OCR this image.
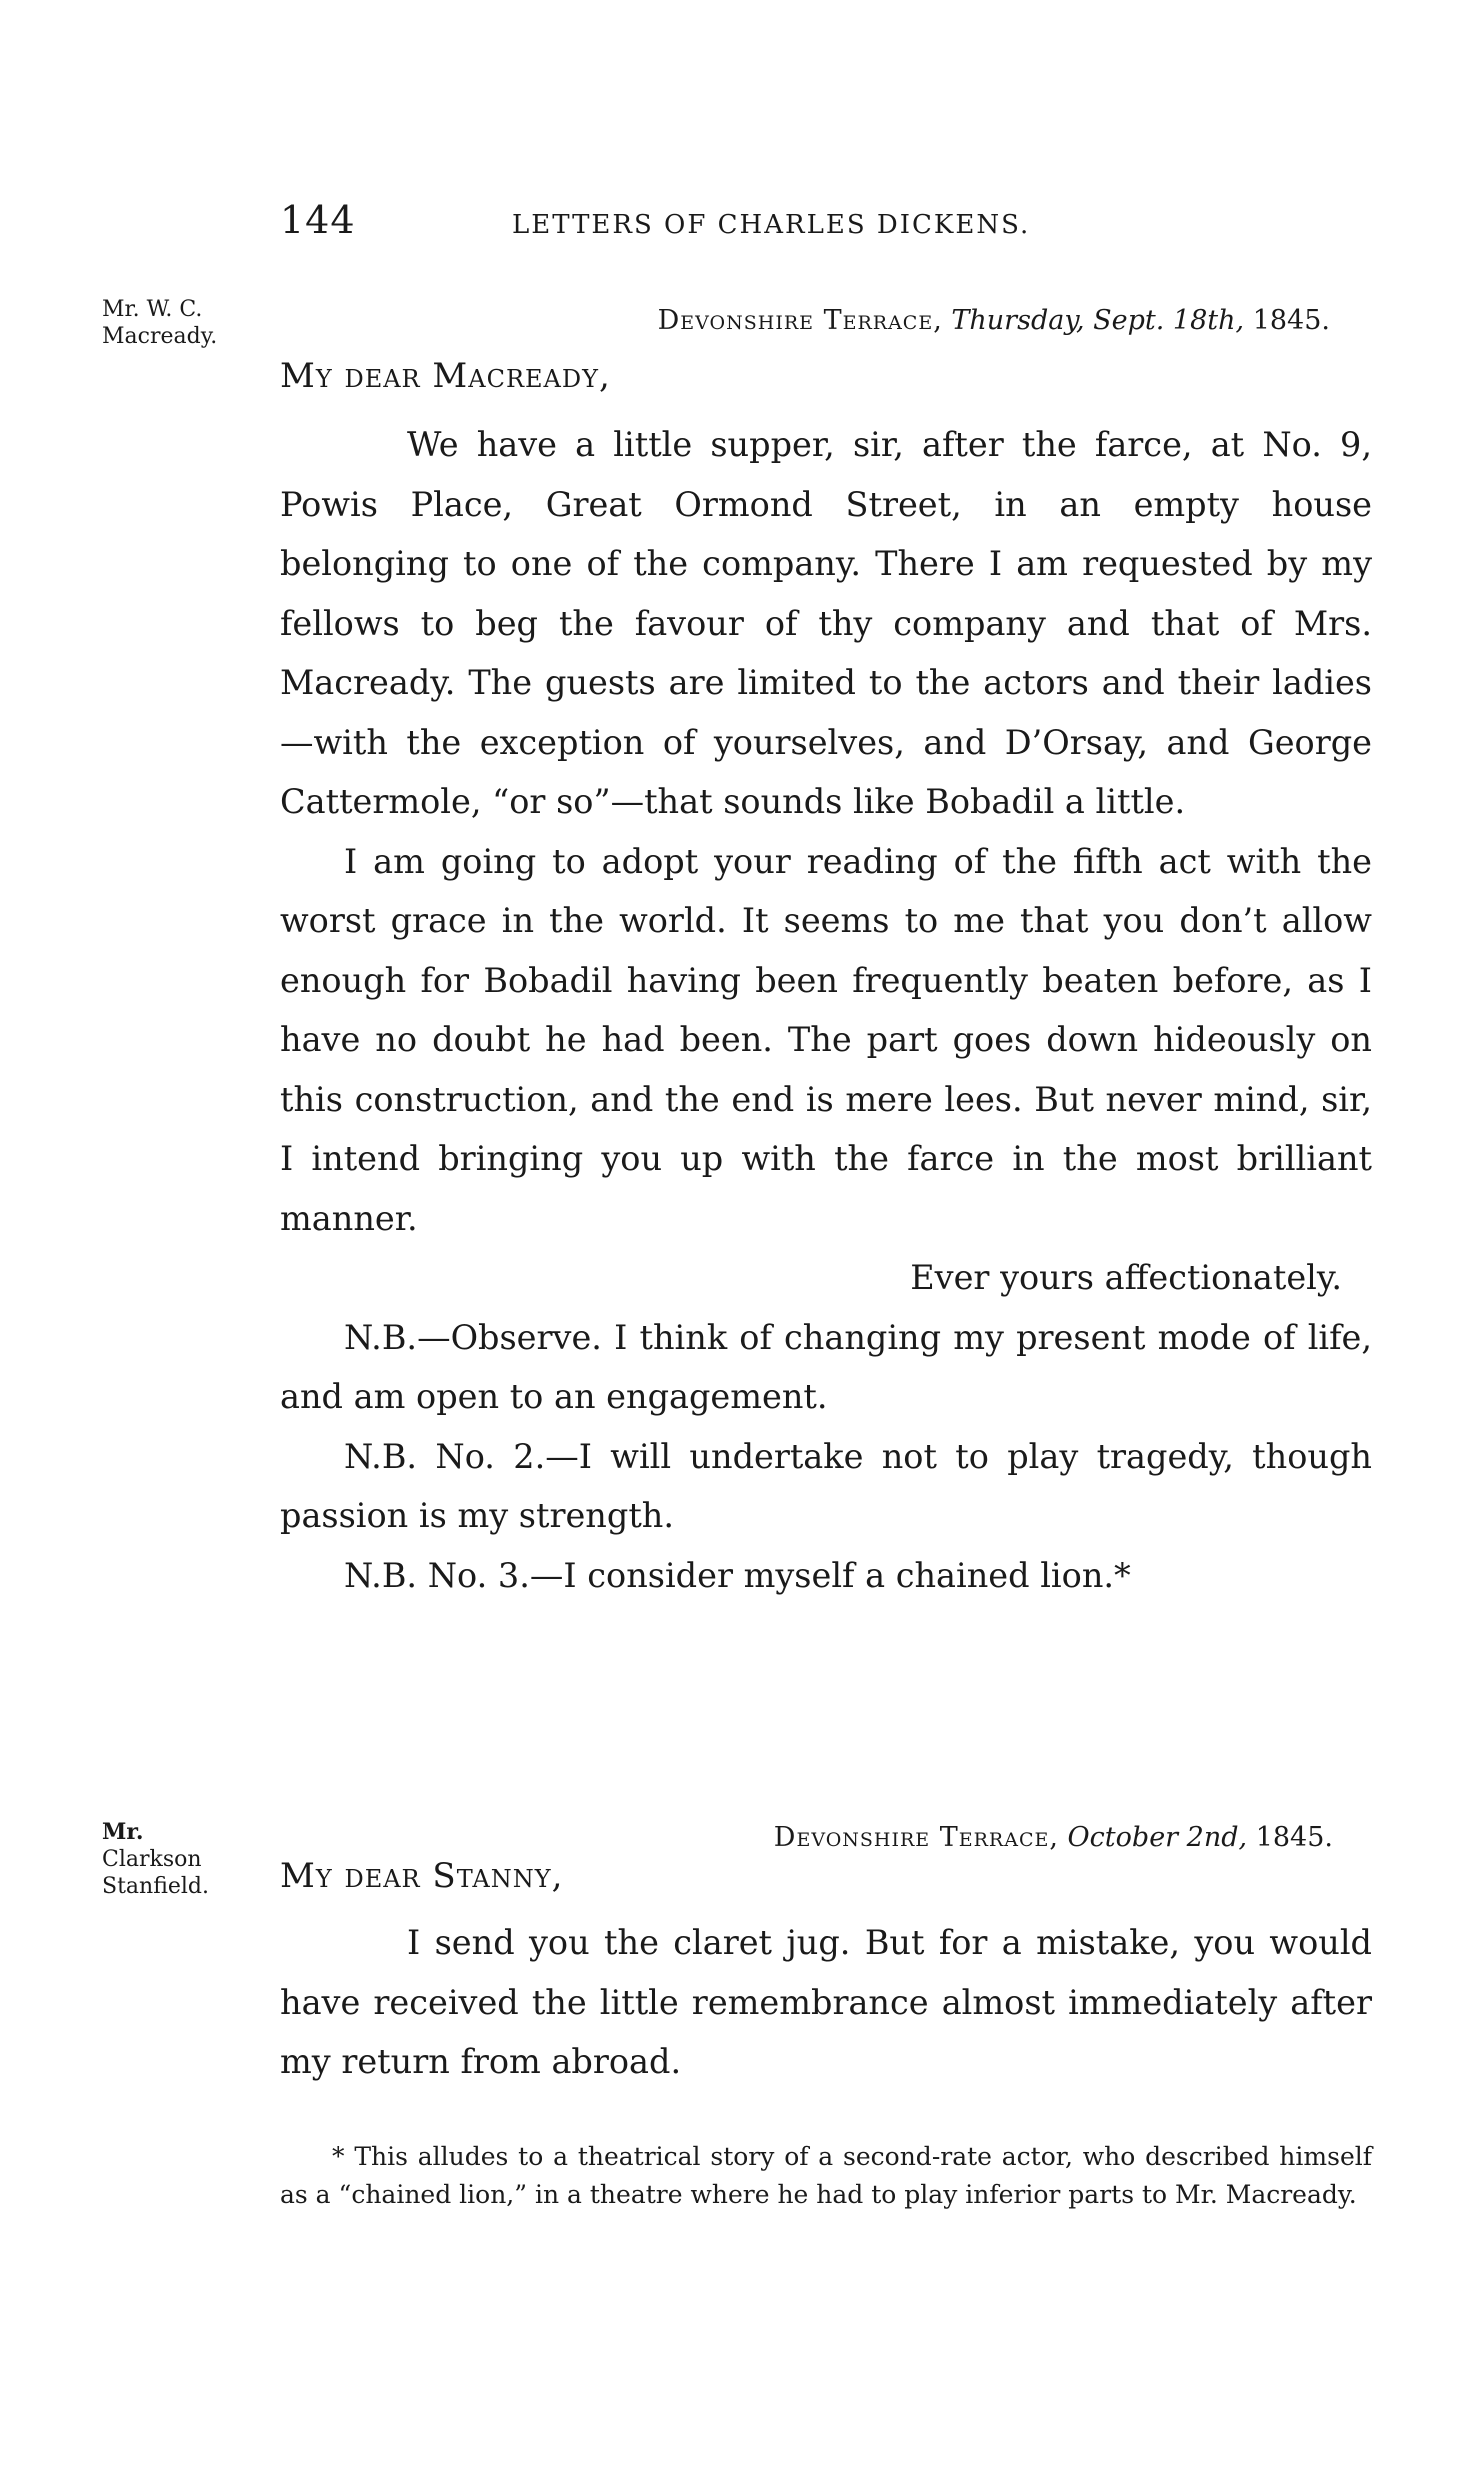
144	LETTERS OF CHARLES DICKENS.
Mr. W. C.
Macready.
Devonshire Terrace, Thursday, Sept. 18th, 1845.
My dear Macready,

We have a little supper, sir, after the farce, at No. 9, Powis Place, Great Ormond Street, in an empty house belonging to one of the company. There I am requested by my fellows to beg the favour of thy company and that of Mrs. Macready. The guests are limited to the actors and their ladies—with the exception of yourselves, and D’Orsay, and George Cattermole, “or so”—that sounds like Bobadil a little.

I am going to adopt your reading of the fifth act with the worst grace in the world. It seems to me that you don’t allow enough for Bobadil having been frequently beaten before, as I have no doubt he had been. The part goes down hideously on this construction, and the end is mere lees. But never mind, sir, I intend bringing you up with the farce in the most brilliant manner.

Ever yours affectionately.

N.B.—Observe. I think of changing my present mode of life, and am open to an engagement.

N.B. No. 2.—I will undertake not to play tragedy, though passion is my strength.

N.B. No. 3.—I consider myself a chained lion.*

Mr.
Clarkson
Stanfield.
Devonshire Terrace, October 2nd, 1845.
My dear Stanny,

I send you the claret jug. But for a mistake, you would have received the little remembrance almost immediately after my return from abroad.

* This alludes to a theatrical story of a second-rate actor, who described himself as a “chained lion,” in a theatre where he had to play inferior parts to Mr. Macready.
